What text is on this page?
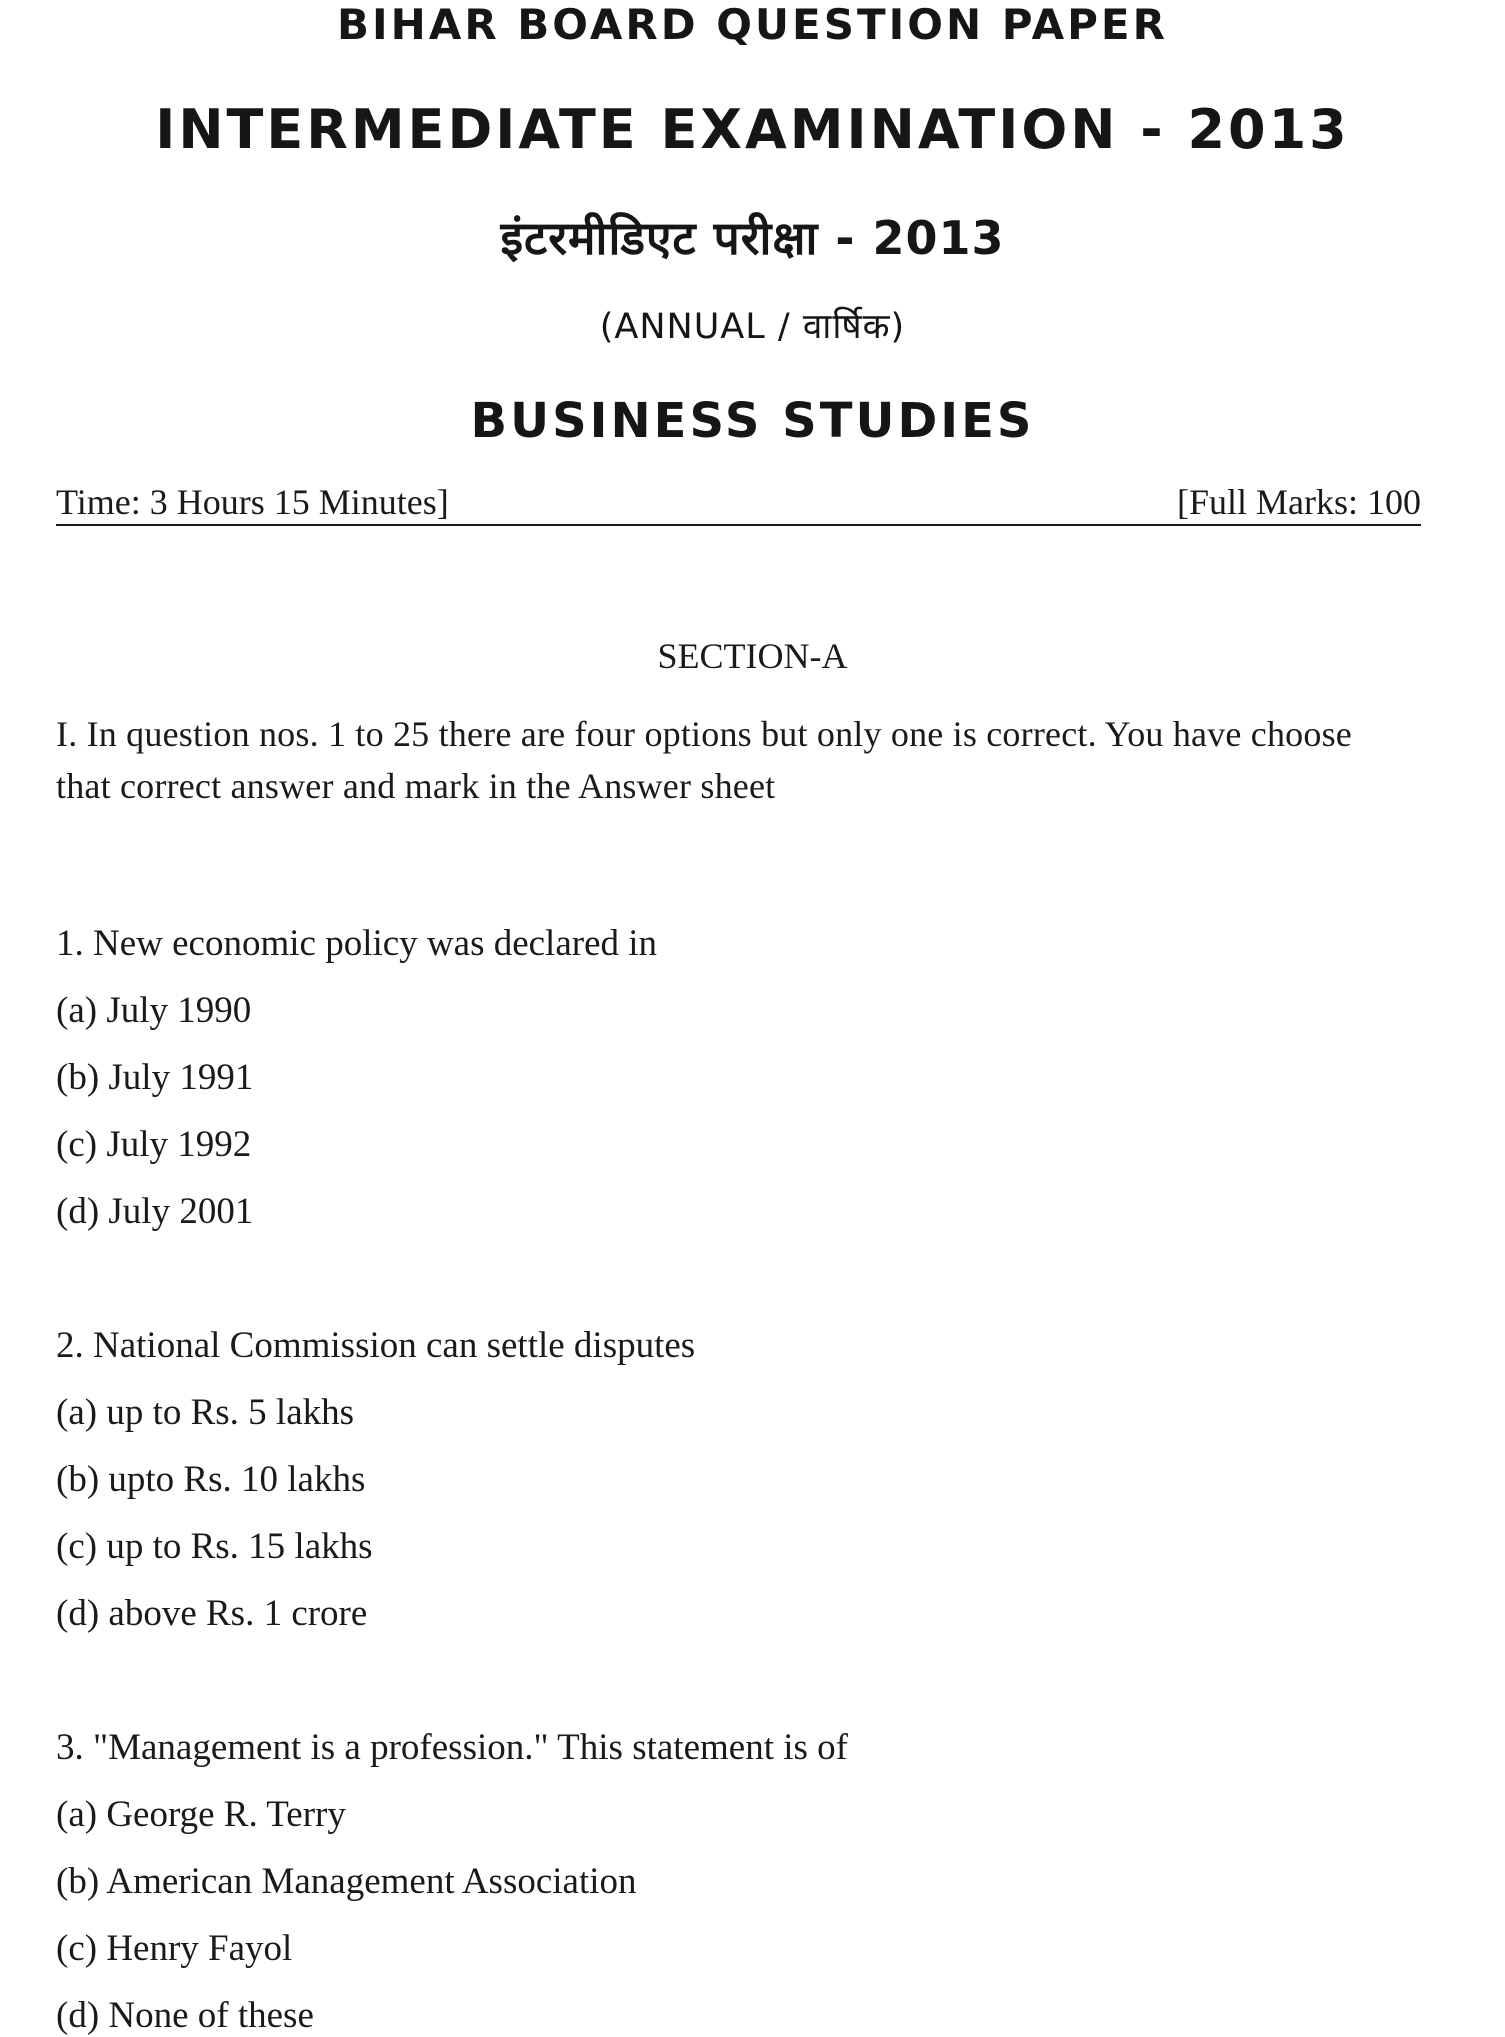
BIHAR BOARD QUESTION PAPER
INTERMEDIATE EXAMINATION - 2013
इंटरमीडिएट परीक्षा - 2013
(ANNUAL / वार्षिक)
BUSINESS STUDIES
Time: 3 Hours 15 Minutes]	[Full Marks: 100
SECTION-A
I. In question nos. 1 to 25 there are four options but only one is correct. You have choose
that correct answer and mark in the Answer sheet
1. New economic policy was declared in
(a) July 1990
(b) July 1991
(c) July 1992
(d) July 2001
2. National Commission can settle disputes
(a) up to Rs. 5 lakhs
(b) upto Rs. 10 lakhs
(c) up to Rs. 15 lakhs
(d) above Rs. 1 crore
3. "Management is a profession." This statement is of
(a) George R. Terry
(b) American Management Association
(c) Henry Fayol
(d) None of these
